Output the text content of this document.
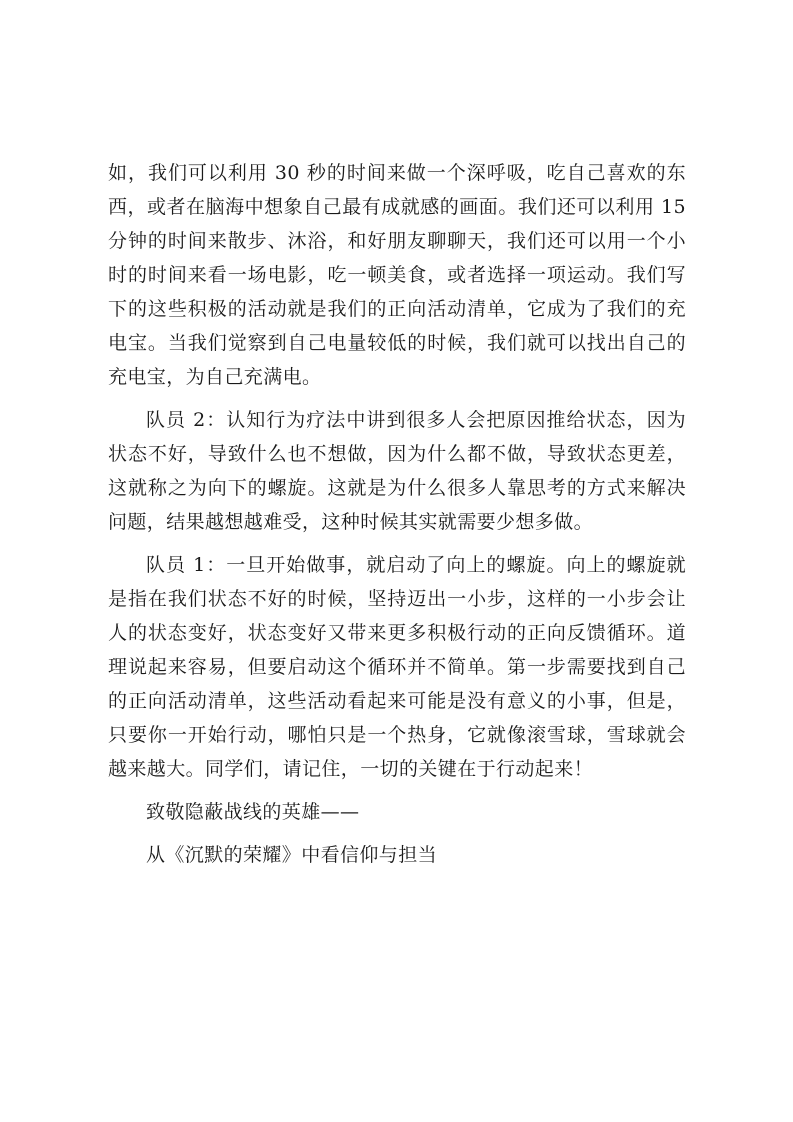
如，我们可以利用 30 秒的时间来做一个深呼吸，吃自己喜欢的东西，或者在脑海中想象自己最有成就感的画面。我们还可以利用 15 分钟的时间来散步、沐浴，和好朋友聊聊天，我们还可以用一个小时的时间来看一场电影，吃一顿美食，或者选择一项运动。我们写下的这些积极的活动就是我们的正向活动清单，它成为了我们的充电宝。当我们觉察到自己电量较低的时候，我们就可以找出自己的充电宝，为自己充满电。

队员 2：认知行为疗法中讲到很多人会把原因推给状态，因为状态不好，导致什么也不想做，因为什么都不做，导致状态更差，这就称之为向下的螺旋。这就是为什么很多人靠思考的方式来解决问题，结果越想越难受，这种时候其实就需要少想多做。

队员 1：一旦开始做事，就启动了向上的螺旋。向上的螺旋就是指在我们状态不好的时候，坚持迈出一小步，这样的一小步会让人的状态变好，状态变好又带来更多积极行动的正向反馈循环。道理说起来容易，但要启动这个循环并不简单。第一步需要找到自己的正向活动清单，这些活动看起来可能是没有意义的小事，但是，只要你一开始行动，哪怕只是一个热身，它就像滚雪球，雪球就会越来越大。同学们，请记住，一切的关键在于行动起来！

致敬隐蔽战线的英雄——

从《沉默的荣耀》中看信仰与担当
